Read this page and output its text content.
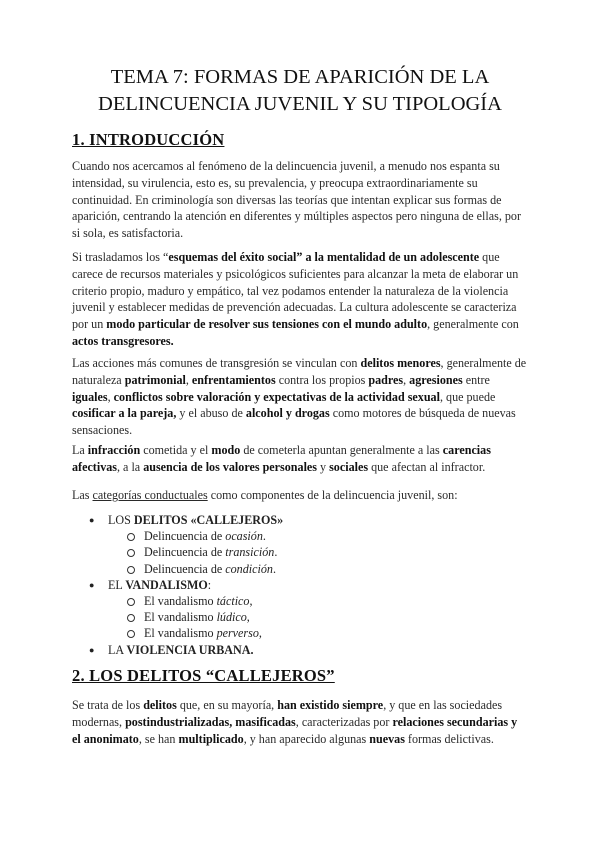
TEMA 7: FORMAS DE APARICIÓN DE LA
DELINCUENCIA JUVENIL Y SU TIPOLOGÍA
1. INTRODUCCIÓN

Cuando nos acercamos al fenómeno de la delincuencia juvenil, a menudo nos espanta su intensidad, su virulencia, esto es, su prevalencia, y preocupa extraordinariamente su continuidad. En criminología son diversas las teorías que intentan explicar sus formas de aparición, centrando la atención en diferentes y múltiples aspectos pero ninguna de ellas, por si sola, es satisfactoria.

Si trasladamos los “esquemas del éxito social” a la mentalidad de un adolescente que carece de recursos materiales y psicológicos suficientes para alcanzar la meta de elaborar un criterio propio, maduro y empático, tal vez podamos entender la naturaleza de la violencia juvenil y establecer medidas de prevención adecuadas. La cultura adolescente se caracteriza por un modo particular de resolver sus tensiones con el mundo adulto, generalmente con actos transgresores.

Las acciones más comunes de transgresión se vinculan con delitos menores, generalmente de naturaleza patrimonial, enfrentamientos contra los propios padres, agresiones entre iguales, conflictos sobre valoración y expectativas de la actividad sexual, que puede cosificar a la pareja, y el abuso de alcohol y drogas como motores de búsqueda de nuevas sensaciones.

La infracción cometida y el modo de cometerla apuntan generalmente a las carencias afectivas, a la ausencia de los valores personales y sociales que afectan al infractor.

Las categorías conductuales como componentes de la delincuencia juvenil, son:

● LOS DELITOS «CALLEJEROS»
Delincuencia de ocasión.
Delincuencia de transición.
Delincuencia de condición.
● EL VANDALISMO:
El vandalismo táctico,
El vandalismo lúdico,
El vandalismo perverso,
● LA VIOLENCIA URBANA.
2. LOS DELITOS “CALLEJEROS”

Se trata de los delitos que, en su mayoría, han existido siempre, y que en las sociedades modernas, postindustrializadas, masificadas, caracterizadas por relaciones secundarias y el anonimato, se han multiplicado, y han aparecido algunas nuevas formas delictivas.
